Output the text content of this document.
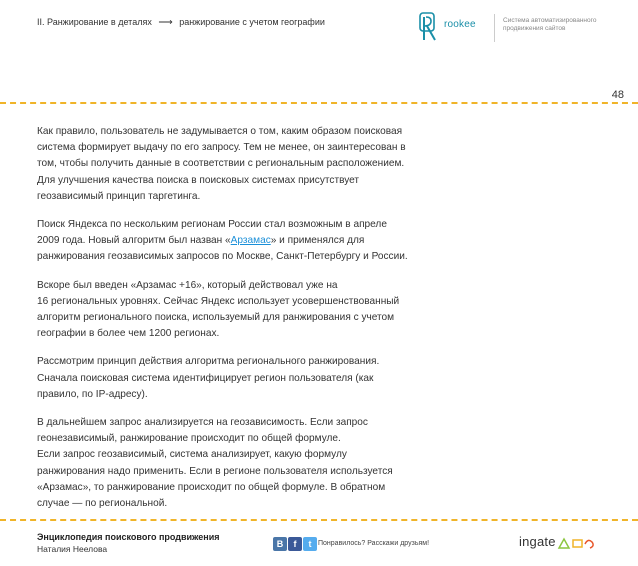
II. Ранжирование в деталях ⟶ ранжирование с учетом географии	rookee	Система автоматизированного
продвижения сайтов
48

Как правило, пользователь не задумывается о том, каким образом поисковая
система формирует выдачу по его запросу. Тем не менее, он заинтересован в
том, чтобы получить данные в соответствии с региональным расположением.
Для улучшения качества поиска в поисковых системах присутствует
геозависимый принцип таргетинга.

Поиск Яндекса по нескольким регионам России стал возможным в апреле
2009 года. Новый алгоритм был назван «Арзамас» и применялся для
ранжирования геозависимых запросов по Москве, Санкт-Петербургу и России.

Вскоре был введен «Арзамас +16», который действовал уже на
16 региональных уровнях. Сейчас Яндекс использует усовершенствованный
алгоритм регионального поиска, используемый для ранжирования с учетом
географии в более чем 1200 регионах.

Рассмотрим принцип действия алгоритма регионального ранжирования.
Сначала поисковая система идентифицирует регион пользователя (как
правило, по IP-адресу).

В дальнейшем запрос анализируется на геозависимость. Если запрос
геонезависимый, ранжирование происходит по общей формуле.
Если запрос геозависимый, система анализирует, какую формулу
ранжирования надо применить. Если в регионе пользователя используется
«Арзамас», то ранжирование происходит по общей формуле. В обратном
случае — по региональной.

Энциклопедия поискового продвижения
Наталия Неелова	B	f	t Понравилось? Расскажи друзьям!	ingate
